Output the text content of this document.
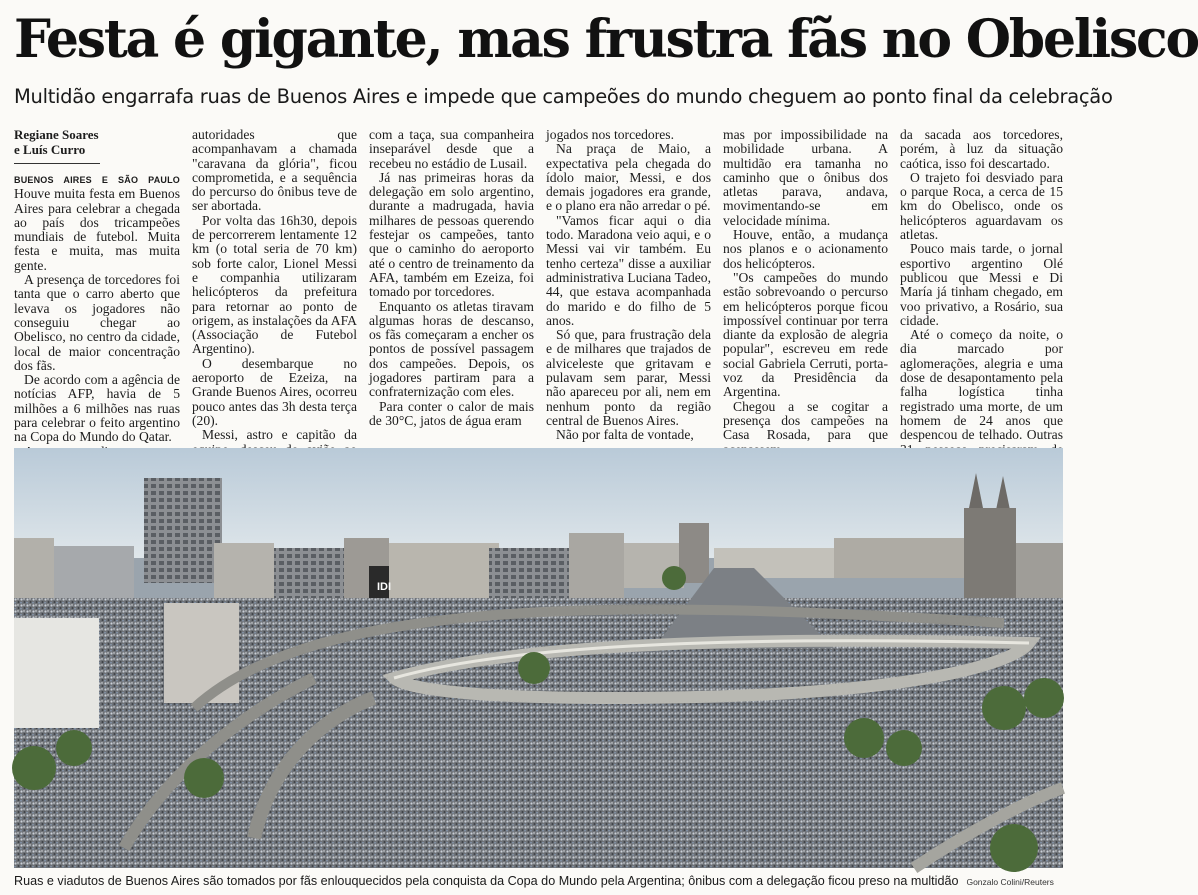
Festa é gigante, mas frustra fãs no Obelisco
Multidão engarrafa ruas de Buenos Aires e impede que campeões do mundo cheguem ao ponto final da celebração
Regiane Soares
e Luís Curro

BUENOS AIRES E SÃO PAULO Houve muita festa em Buenos Aires para celebrar a chegada ao país dos tricampeões mundiais de futebol. Muita festa e muita, mas muita gente.

A presença de torcedores foi tanta que o carro aberto que levava os jogadores não conseguiu chegar ao Obelisco, no centro da cidade, local de maior concentração dos fãs.

De acordo com a agência de notícias AFP, havia de 5 milhões a 6 milhões nas ruas para celebrar o feito argentino na Copa do Mundo do Qatar.

autoridades que acompanhavam a chamada "caravana da glória", ficou comprometida, e a sequência do percurso do ônibus teve de ser abortada.

Por volta das 16h30, depois de percorrerem lentamente 12 km (o total seria de 70 km) sob forte calor, Lionel Messi e companhia utilizaram helicópteros da prefeitura para retornar ao ponto de origem, as instalações da AFA (Associação de Futebol Argentino).

O desembarque no aeroporto de Ezeiza, na Grande Buenos Aires, ocorreu pouco antes das 3h desta terça (20).

Messi, astro e capitão da

com a taça, sua companheira inseparável desde que a recebeu no estádio de Lusail.

Já nas primeiras horas da delegação em solo argentino, durante a madrugada, havia milhares de pessoas querendo festejar os campeões, tanto que o caminho do aeroporto até o centro de treinamento da AFA, também em Ezeiza, foi tomado por torcedores.

Enquanto os atletas tiravam algumas horas de descanso, os fãs começaram a encher os pontos de possível passagem dos campeões. Depois, os jogadores partiram para a confraternização com eles.

Para conter o calor de mais de 30°C, jatos de água eram

jogados nos torcedores.

Na praça de Maio, a expectativa pela chegada do ídolo maior, Messi, e dos demais jogadores era grande, e o plano era não arredar o pé.

"Vamos ficar aqui o dia todo. Maradona veio aqui, e o Messi vai vir também. Eu tenho certeza" disse a auxiliar administrativa Luciana Tadeo, 44, que estava acompanhada do marido e do filho de 5 anos.

Só que, para frustração dela e de milhares que trajados de alviceleste que gritavam e pulavam sem parar, Messi não apareceu por ali, nem em nenhum ponto da região central de Buenos Aires.

Não por falta de vontade,

mas por impossibilidade na mobilidade urbana. A multidão era tamanha no caminho que o ônibus dos atletas parava, andava, movimentando-se em velocidade mínima.

Houve, então, a mudança nos planos e o acionamento dos helicópteros.

"Os campeões do mundo estão sobrevoando o percurso em helicópteros porque ficou impossível continuar por terra diante da explosão de alegria popular", escreveu em rede social Gabriela Cerruti, porta-voz da Presidência da Argentina.

Chegou a se cogitar a presença dos campeões na Casa Rosada, para que

da sacada aos torcedores, porém, à luz da situação caótica, isso foi descartado.

O trajeto foi desviado para o parque Roca, a cerca de 15 km do Obelisco, onde os helicópteros aguardavam os atletas.

Pouco mais tarde, o jornal esportivo argentino Olé publicou que Messi e Di María já tinham chegado, em voo privativo, a Rosário, sua cidade.

Até o começo da noite, o dia marcado por aglomerações, alegria e uma dose de desapontamento pela falha logística tinha registrado uma morte, de um homem de 24 anos que despencou de telhado. Outras

IDI
Ruas e viadutos de Buenos Aires são tomados por fãs enlouquecidos pela conquista da Copa do Mundo pela Argentina; ônibus com a delegação ficou preso na multidão Gonzalo Colini/Reuters
